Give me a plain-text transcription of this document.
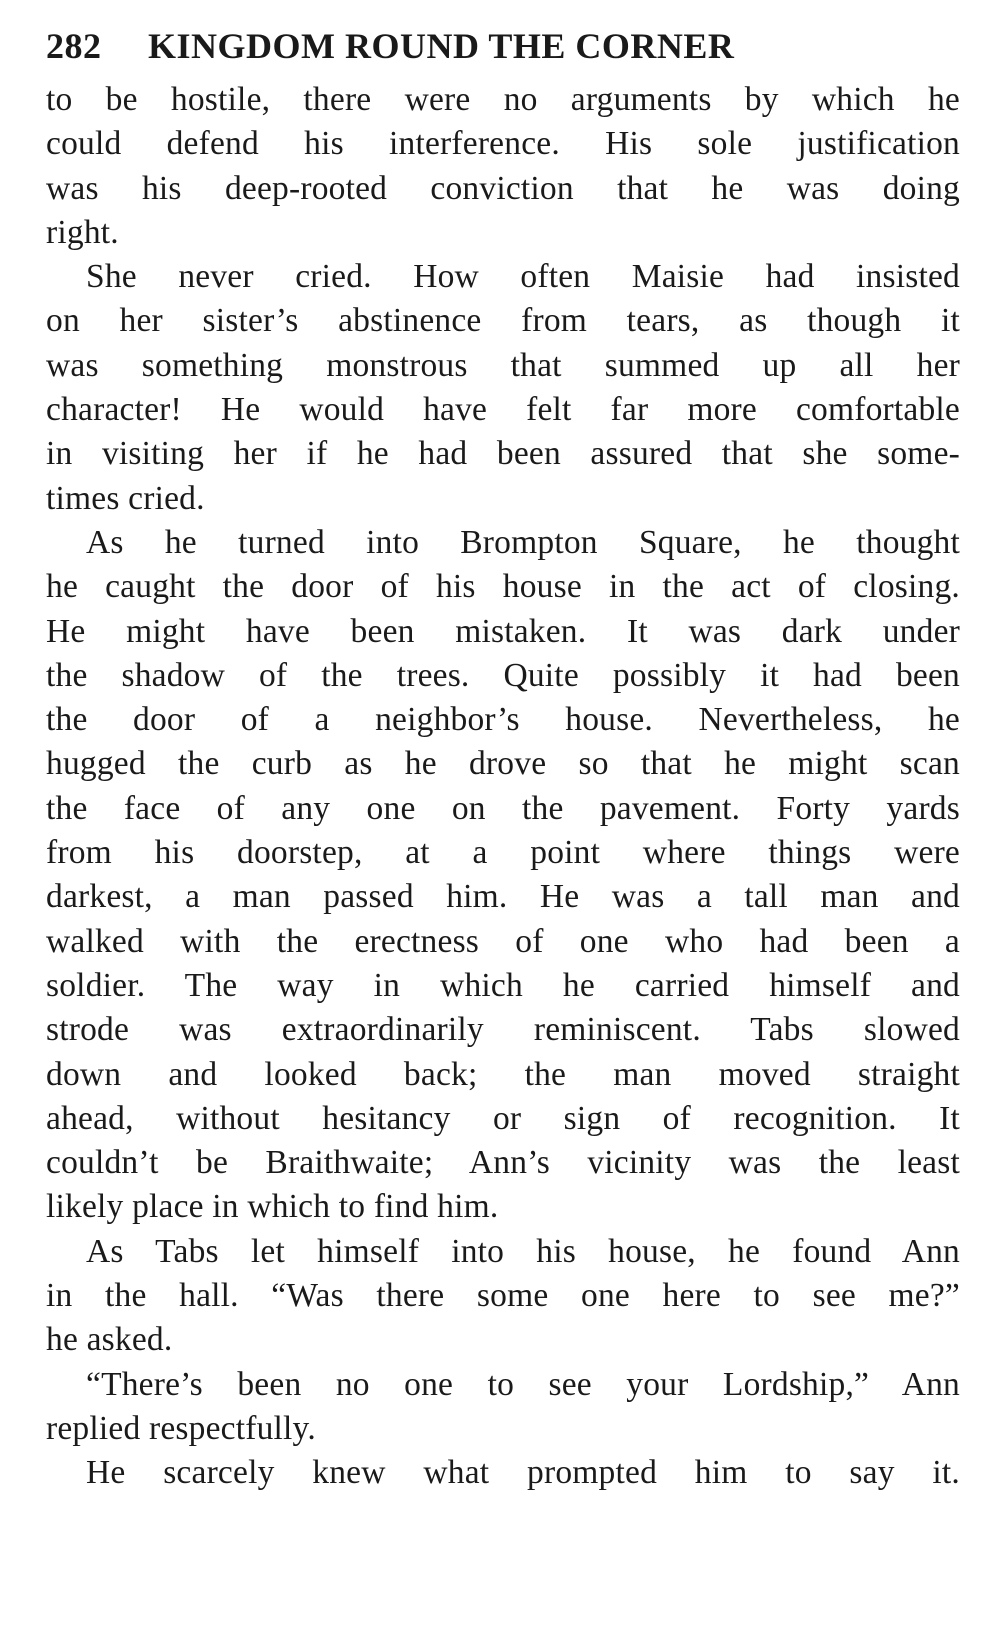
282	KINGDOM ROUND THE CORNER
to be hostile, there were no arguments by which he
could defend his interference. His sole justification
was his deep-rooted conviction that he was doing
right.
She never cried. How often Maisie had insisted
on her sister’s abstinence from tears, as though it
was something monstrous that summed up all her
character! He would have felt far more comfortable
in visiting her if he had been assured that she some-
times cried.
As he turned into Brompton Square, he thought
he caught the door of his house in the act of closing.
He might have been mistaken. It was dark under
the shadow of the trees. Quite possibly it had been
the door of a neighbor’s house. Nevertheless, he
hugged the curb as he drove so that he might scan
the face of any one on the pavement. Forty yards
from his doorstep, at a point where things were
darkest, a man passed him. He was a tall man and
walked with the erectness of one who had been a
soldier. The way in which he carried himself and
strode was extraordinarily reminiscent. Tabs slowed
down and looked back; the man moved straight
ahead, without hesitancy or sign of recognition. It
couldn’t be Braithwaite; Ann’s vicinity was the least
likely place in which to find him.
As Tabs let himself into his house, he found Ann
in the hall. “Was there some one here to see me?”
he asked.
“There’s been no one to see your Lordship,” Ann
replied respectfully.
He scarcely knew what prompted him to say it.
